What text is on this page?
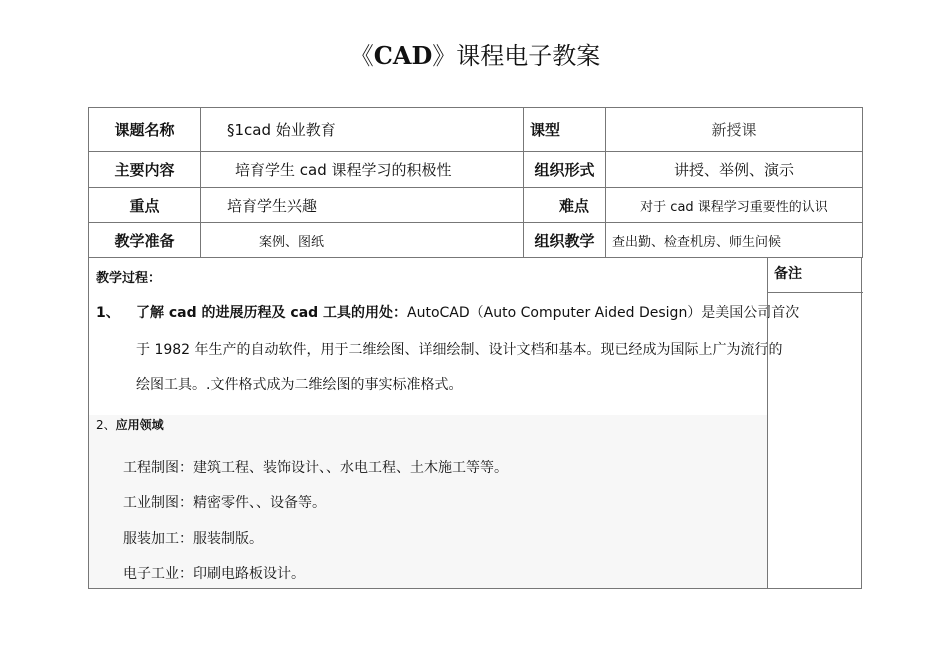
《CAD》课程电子教案
课题名称	§1cad 始业教育	课型	新授课
主要内容	培育学生 cad 课程学习的积极性	组织形式	讲授、举例、演示
重点	培育学生兴趣	难点	对于 cad 课程学习重要性的认识
教学准备	案例、图纸	组织教学	查出勤、检查机房、师生问候
教学过程：
1、 了解 cad 的进展历程及 cad 工具的用处：AutoCAD（Auto Computer Aided Design）是美国公司首次
于 1982 年生产的自动软件，用于二维绘图、详细绘制、设计文档和基本。现已经成为国际上广为流行的
绘图工具。.文件格式成为二维绘图的事实标准格式。
2、应用领域
工程制图：建筑工程、装饰设计、、水电工程、土木施工等等。
工业制图：精密零件、、设备等。
服装加工：服装制版。
电子工业：印刷电路板设计。
备注
